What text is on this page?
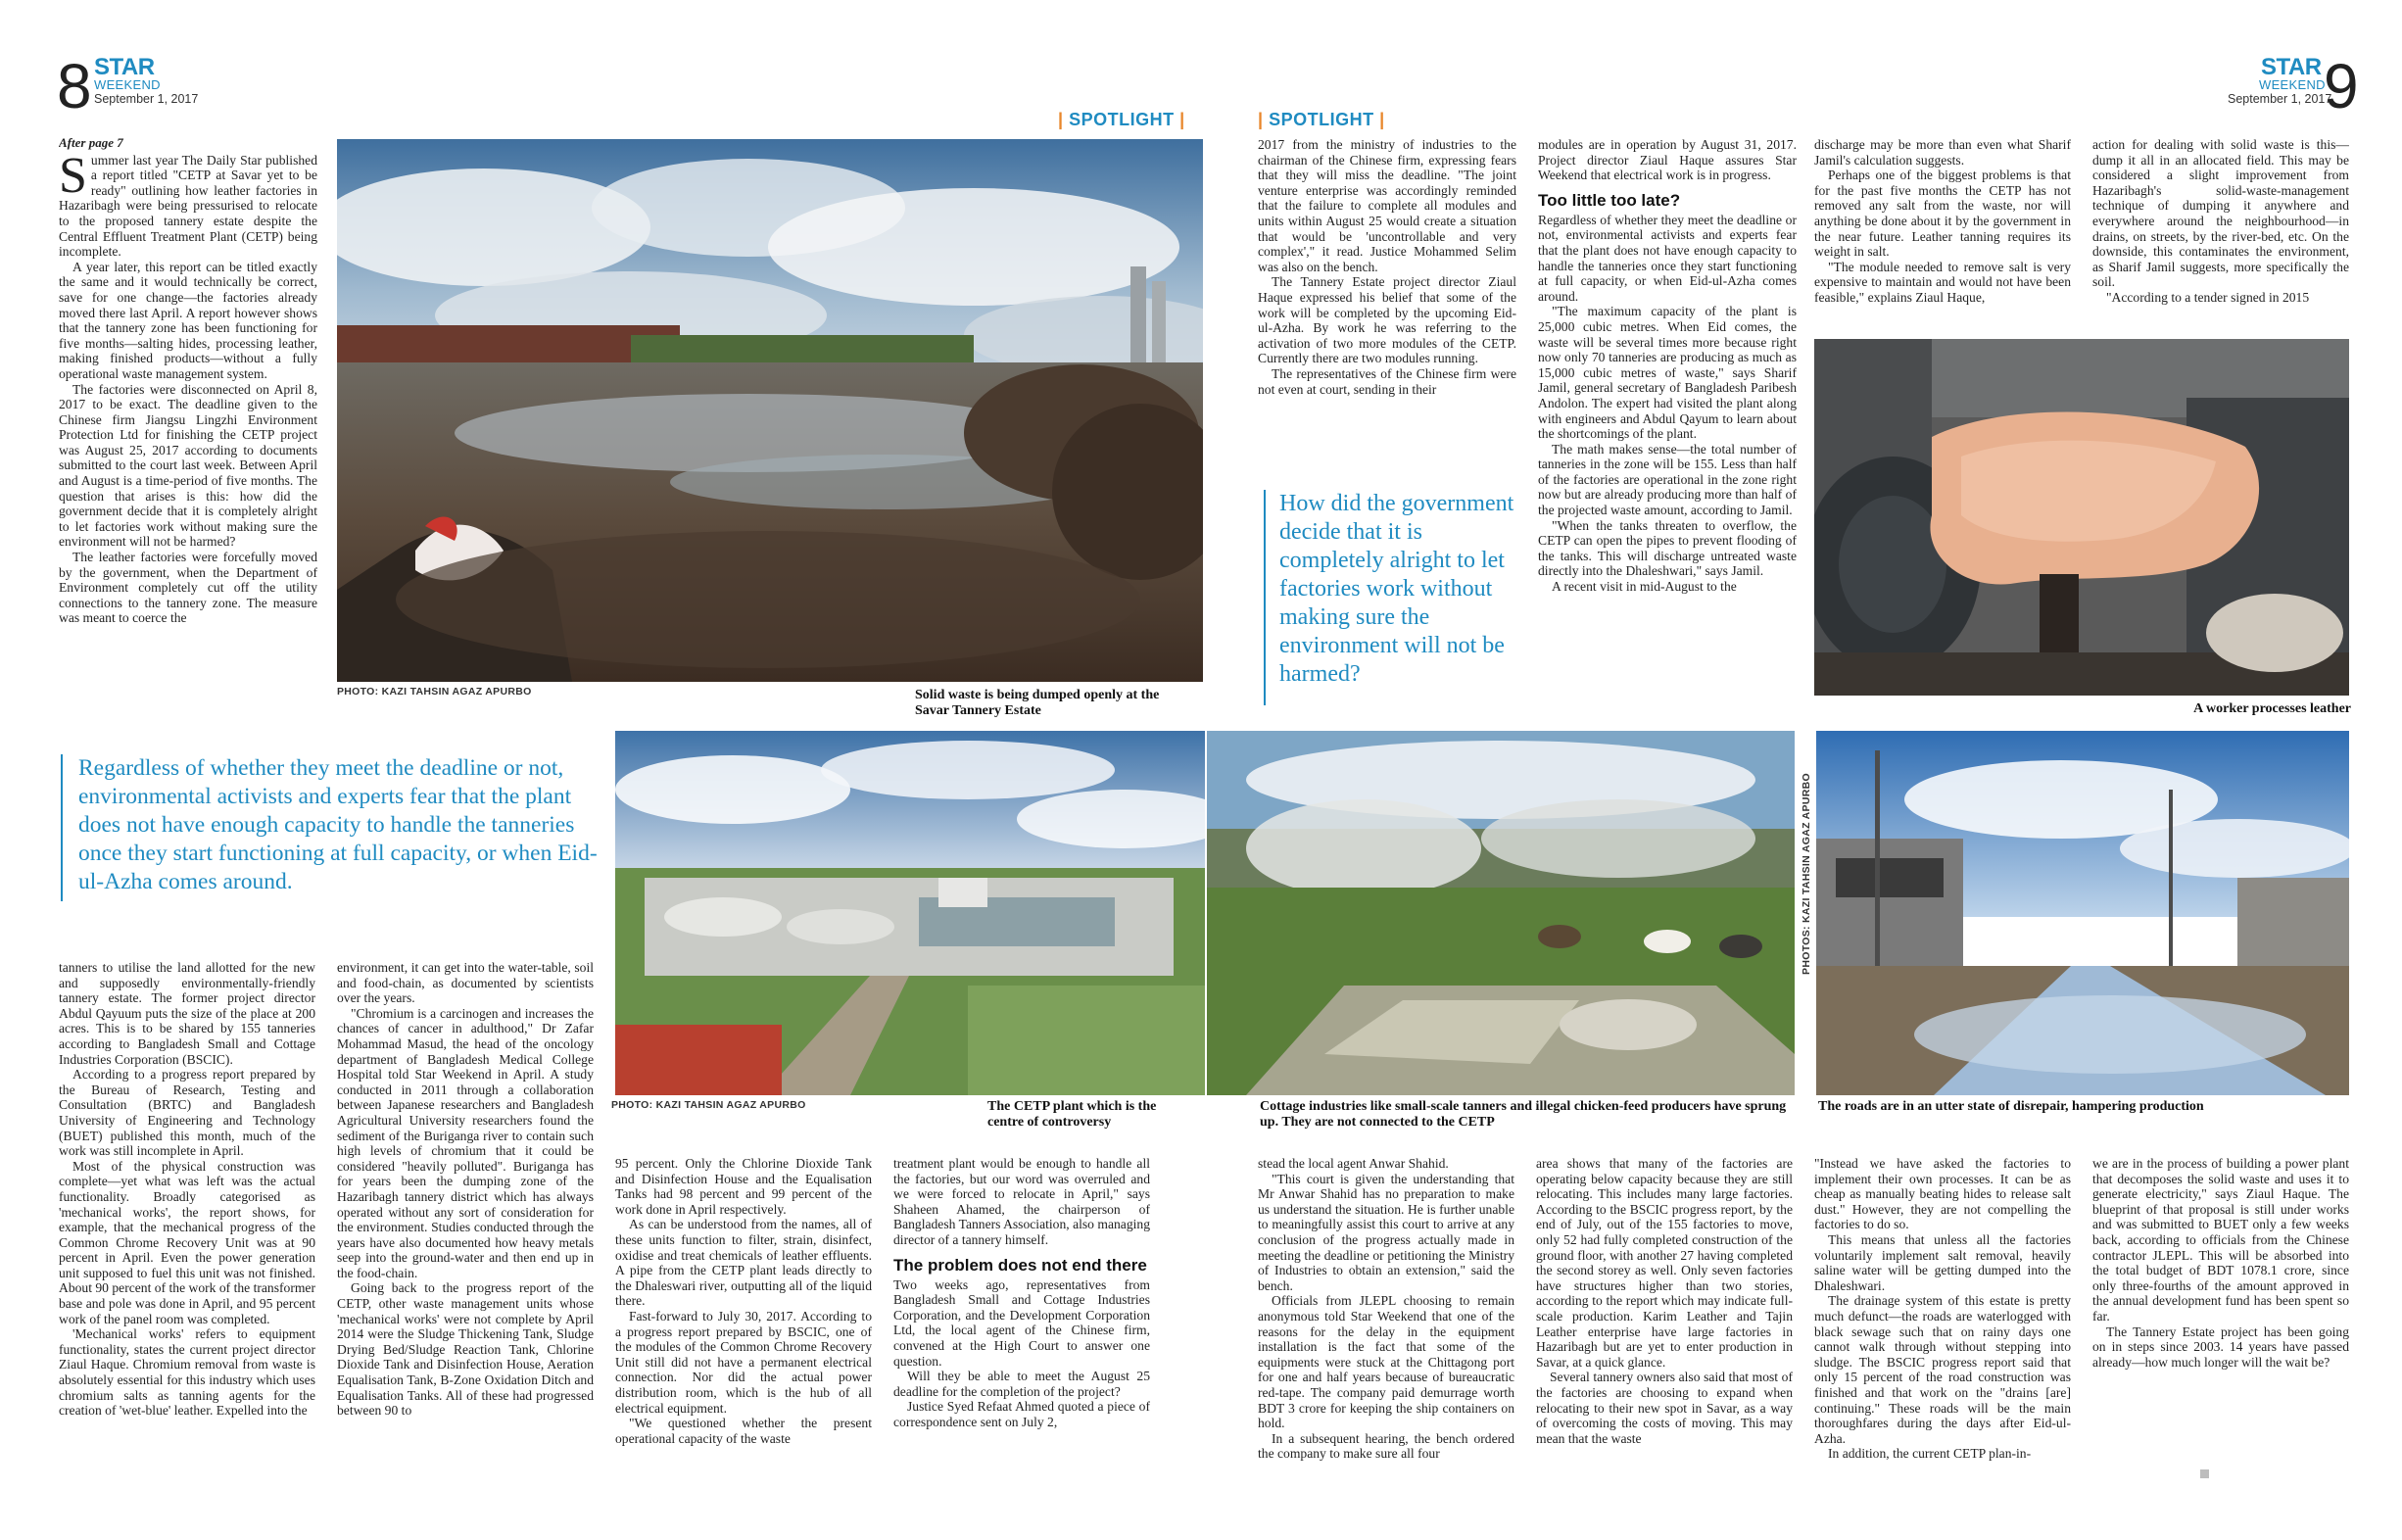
8 STAR
WEEKEND
September 1, 2017
STAR
WEEKEND
September 1, 2017
9
| SPOTLIGHT |	| SPOTLIGHT |
After page 7
S ummer last year The Daily Star published a report titled "CETP at Savar yet to be ready" outlining how leather factories in Hazaribagh were being pressurised to relocate to the proposed tannery estate despite the Central Effluent Treatment Plant (CETP) being incomplete.

A year later, this report can be titled exactly the same and it would technically be correct, save for one change—the factories already moved there last April. A report however shows that the tannery zone has been functioning for five months—salting hides, processing leather, making finished products—without a fully operational waste management system.

The factories were disconnected on April 8, 2017 to be exact. The deadline given to the Chinese firm Jiangsu Lingzhi Environment Protection Ltd for finishing the CETP project was August 25, 2017 according to documents submitted to the court last week. Between April and August is a time-period of five months. The question that arises is this: how did the government decide that it is completely alright to let factories work without making sure the environment will not be harmed?

The leather factories were forcefully moved by the government, when the Department of Environment completely cut off the utility connections to the tannery zone. The measure was meant to coerce the

PHOTO: KAZI TAHSIN AGAZ APURBO	Solid waste is being dumped openly at the Savar Tannery Estate

2017 from the ministry of industries to the chairman of the Chinese firm, expressing fears that they will miss the deadline. "The joint venture enterprise was accordingly reminded that the failure to complete all modules and units within August 25 would create a situation that would be 'uncontrollable and very complex'," it read. Justice Mohammed Selim was also on the bench.

The Tannery Estate project director Ziaul Haque expressed his belief that some of the work will be completed by the upcoming Eid-ul-Azha. By work he was referring to the activation of two more modules of the CETP. Currently there are two modules running.

The representatives of the Chinese firm were not even at court, sending in their

How did the government decide that it is completely alright to let factories work without making sure the environment will not be harmed?

modules are in operation by August 31, 2017. Project director Ziaul Haque assures Star Weekend that electrical work is in progress.

Too little too late?

Regardless of whether they meet the deadline or not, environmental activists and experts fear that the plant does not have enough capacity to handle the tanneries once they start functioning at full capacity, or when Eid-ul-Azha comes around.

"The maximum capacity of the plant is 25,000 cubic metres. When Eid comes, the waste will be several times more because right now only 70 tanneries are producing as much as 15,000 cubic metres of waste," says Sharif Jamil, general secretary of Bangladesh Paribesh Andolon. The expert had visited the plant along with engineers and Abdul Qayum to learn about the shortcomings of the plant.

The math makes sense—the total number of tanneries in the zone will be 155. Less than half of the factories are operational in the zone right now but are already producing more than half of the projected waste amount, according to Jamil.

"When the tanks threaten to overflow, the CETP can open the pipes to prevent flooding of the tanks. This will discharge untreated waste directly into the Dhaleshwari," says Jamil.

A recent visit in mid-August to the

discharge may be more than even what Sharif Jamil's calculation suggests.

Perhaps one of the biggest problems is that for the past five months the CETP has not removed any salt from the waste, nor will anything be done about it by the government in the near future. Leather tanning requires its weight in salt.

"The module needed to remove salt is very expensive to maintain and would not have been feasible," explains Ziaul Haque,

action for dealing with solid waste is this—dump it all in an allocated field. This may be considered a slight improvement from Hazaribagh's solid-waste-management technique of dumping it anywhere and everywhere around the neighbourhood—in drains, on streets, by the river-bed, etc. On the downside, this contaminates the environment, as Sharif Jamil suggests, more specifically the soil.

"According to a tender signed in 2015

A worker processes leather
Regardless of whether they meet the deadline or not, environmental activists and experts fear that the plant does not have enough capacity to handle the tanneries once they start functioning at full capacity, or when Eid-ul-Azha comes around.
PHOTO: KAZI TAHSIN AGAZ APURBO	The CETP plant which is the centre of controversy
Cottage industries like small-scale tanners and illegal chicken-feed producers have sprung up. They are not connected to the CETP
PHOTOS: KAZI TAHSIN AGAZ APURBO
The roads are in an utter state of disrepair, hampering production

tanners to utilise the land allotted for the new and supposedly environmentally-friendly tannery estate. The former project director Abdul Qayuum puts the size of the place at 200 acres. This is to be shared by 155 tanneries according to Bangladesh Small and Cottage Industries Corporation (BSCIC).

According to a progress report prepared by the Bureau of Research, Testing and Consultation (BRTC) and Bangladesh University of Engineering and Technology (BUET) published this month, much of the work was still incomplete in April.

Most of the physical construction was complete—yet what was left was the actual functionality. Broadly categorised as 'mechanical works', the report shows, for example, that the mechanical progress of the Common Chrome Recovery Unit was at 90 percent in April. Even the power generation unit supposed to fuel this unit was not finished. About 90 percent of the work of the transformer base and pole was done in April, and 95 percent work of the panel room was completed.

'Mechanical works' refers to equipment functionality, states the current project director Ziaul Haque. Chromium removal from waste is absolutely essential for this industry which uses chromium salts as tanning agents for the creation of 'wet-blue' leather. Expelled into the

environment, it can get into the water-table, soil and food-chain, as documented by scientists over the years.

"Chromium is a carcinogen and increases the chances of cancer in adulthood," Dr Zafar Mohammad Masud, the head of the oncology department of Bangladesh Medical College Hospital told Star Weekend in April. A study conducted in 2011 through a collaboration between Japanese researchers and Bangladesh Agricultural University researchers found the sediment of the Buriganga river to contain such high levels of chromium that it could be considered "heavily polluted". Buriganga has for years been the dumping zone of the Hazaribagh tannery district which has always operated without any sort of consideration for the environment. Studies conducted through the years have also documented how heavy metals seep into the ground-water and then end up in the food-chain.

Going back to the progress report of the CETP, other waste management units whose 'mechanical works' were not complete by April 2014 were the Sludge Thickening Tank, Sludge Drying Bed/Sludge Reaction Tank, Chlorine Dioxide Tank and Disinfection House, Aeration Equalisation Tank, B-Zone Oxidation Ditch and Equalisation Tanks. All of these had progressed between 90 to

95 percent. Only the Chlorine Dioxide Tank and Disinfection House and the Equalisation Tanks had 98 percent and 99 percent of the work done in April respectively.

As can be understood from the names, all of these units function to filter, strain, disinfect, oxidise and treat chemicals of leather effluents. A pipe from the CETP plant leads directly to the Dhaleswari river, outputting all of the liquid there.

Fast-forward to July 30, 2017. According to a progress report prepared by BSCIC, one of the modules of the Common Chrome Recovery Unit still did not have a permanent electrical connection. Nor did the actual power distribution room, which is the hub of all electrical equipment.

"We questioned whether the present operational capacity of the waste

treatment plant would be enough to handle all the factories, but our word was overruled and we were forced to relocate in April," says Shaheen Ahamed, the chairperson of Bangladesh Tanners Association, also managing director of a tannery himself.

The problem does not end there

Two weeks ago, representatives from Bangladesh Small and Cottage Industries Corporation, and the Development Corporation Ltd, the local agent of the Chinese firm, convened at the High Court to answer one question.

Will they be able to meet the August 25 deadline for the completion of the project?

Justice Syed Refaat Ahmed quoted a piece of correspondence sent on July 2,

stead the local agent Anwar Shahid.

"This court is given the understanding that Mr Anwar Shahid has no preparation to make us understand the situation. He is further unable to meaningfully assist this court to arrive at any conclusion of the progress actually made in meeting the deadline or petitioning the Ministry of Industries to obtain an extension," said the bench.

Officials from JLEPL choosing to remain anonymous told Star Weekend that one of the reasons for the delay in the equipment installation is the fact that some of the equipments were stuck at the Chittagong port for one and half years because of bureaucratic red-tape. The company paid demurrage worth BDT 3 crore for keeping the ship containers on hold.

In a subsequent hearing, the bench ordered the company to make sure all four

area shows that many of the factories are operating below capacity because they are still relocating. This includes many large factories. According to the BSCIC progress report, by the end of July, out of the 155 factories to move, only 52 had fully completed construction of the ground floor, with another 27 having completed the second storey as well. Only seven factories have structures higher than two stories, according to the report which may indicate full-scale production. Karim Leather and Tajin Leather enterprise have large factories in Hazaribagh but are yet to enter production in Savar, at a quick glance.

Several tannery owners also said that most of the factories are choosing to expand when relocating to their new spot in Savar, as a way of overcoming the costs of moving. This may mean that the waste

"Instead we have asked the factories to implement their own processes. It can be as cheap as manually beating hides to release salt dust." However, they are not compelling the factories to do so.

This means that unless all the factories voluntarily implement salt removal, heavily saline water will be getting dumped into the Dhaleshwari.

The drainage system of this estate is pretty much defunct—the roads are waterlogged with black sewage such that on rainy days one cannot walk through without stepping into sludge. The BSCIC progress report said that only 15 percent of the road construction was finished and that work on the "drains [are] continuing." These roads will be the main thoroughfares during the days after Eid-ul-Azha.

In addition, the current CETP plan-in-

we are in the process of building a power plant that decomposes the solid waste and uses it to generate electricity," says Ziaul Haque. The blueprint of that proposal is still under works and was submitted to BUET only a few weeks back, according to officials from the Chinese contractor JLEPL. This will be absorbed into the total budget of BDT 1078.1 crore, since only three-fourths of the amount approved in the annual development fund has been spent so far.

The Tannery Estate project has been going on in steps since 2003. 14 years have passed already—how much longer will the wait be?
